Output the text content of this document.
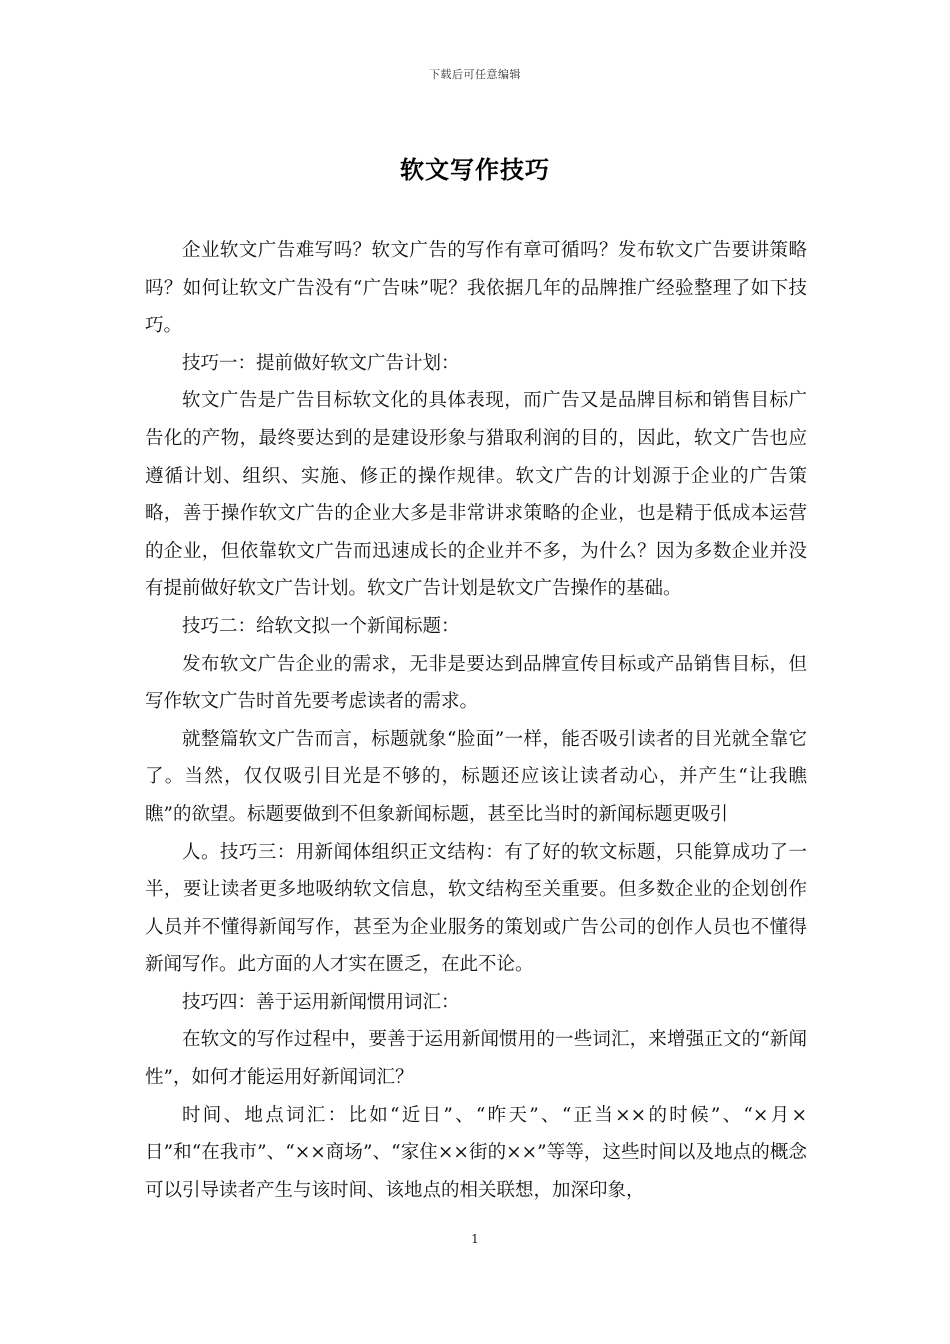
下载后可任意编辑
软文写作技巧

企业软文广告难写吗？软文广告的写作有章可循吗？发布软文广告要讲策略吗？如何让软文广告没有“广告味”呢？我依据几年的品牌推广经验整理了如下技巧。

技巧一：提前做好软文广告计划：

软文广告是广告目标软文化的具体表现，而广告又是品牌目标和销售目标广告化的产物，最终要达到的是建设形象与猎取利润的目的，因此，软文广告也应遵循计划、组织、实施、修正的操作规律。软文广告的计划源于企业的广告策略，善于操作软文广告的企业大多是非常讲求策略的企业，也是精于低成本运营的企业，但依靠软文广告而迅速成长的企业并不多，为什么？因为多数企业并没有提前做好软文广告计划。软文广告计划是软文广告操作的基础。

技巧二：给软文拟一个新闻标题：

发布软文广告企业的需求，无非是要达到品牌宣传目标或产品销售目标，但写作软文广告时首先要考虑读者的需求。

就整篇软文广告而言，标题就象“脸面”一样，能否吸引读者的目光就全靠它了。当然，仅仅吸引目光是不够的，标题还应该让读者动心，并产生“让我瞧瞧”的欲望。标题要做到不但象新闻标题，甚至比当时的新闻标题更吸引

人。技巧三：用新闻体组织正文结构：有了好的软文标题，只能算成功了一半，要让读者更多地吸纳软文信息，软文结构至关重要。但多数企业的企划创作人员并不懂得新闻写作，甚至为企业服务的策划或广告公司的创作人员也不懂得新闻写作。此方面的人才实在匮乏，在此不论。

技巧四：善于运用新闻惯用词汇：

在软文的写作过程中，要善于运用新闻惯用的一些词汇，来增强正文的“新闻性”，如何才能运用好新闻词汇？

时间、地点词汇：比如“近日”、“昨天”、“正当××的时候”、“×月×日”和“在我市”、“××商场”、“家住××街的××”等等，这些时间以及地点的概念可以引导读者产生与该时间、该地点的相关联想，加深印象，

1
